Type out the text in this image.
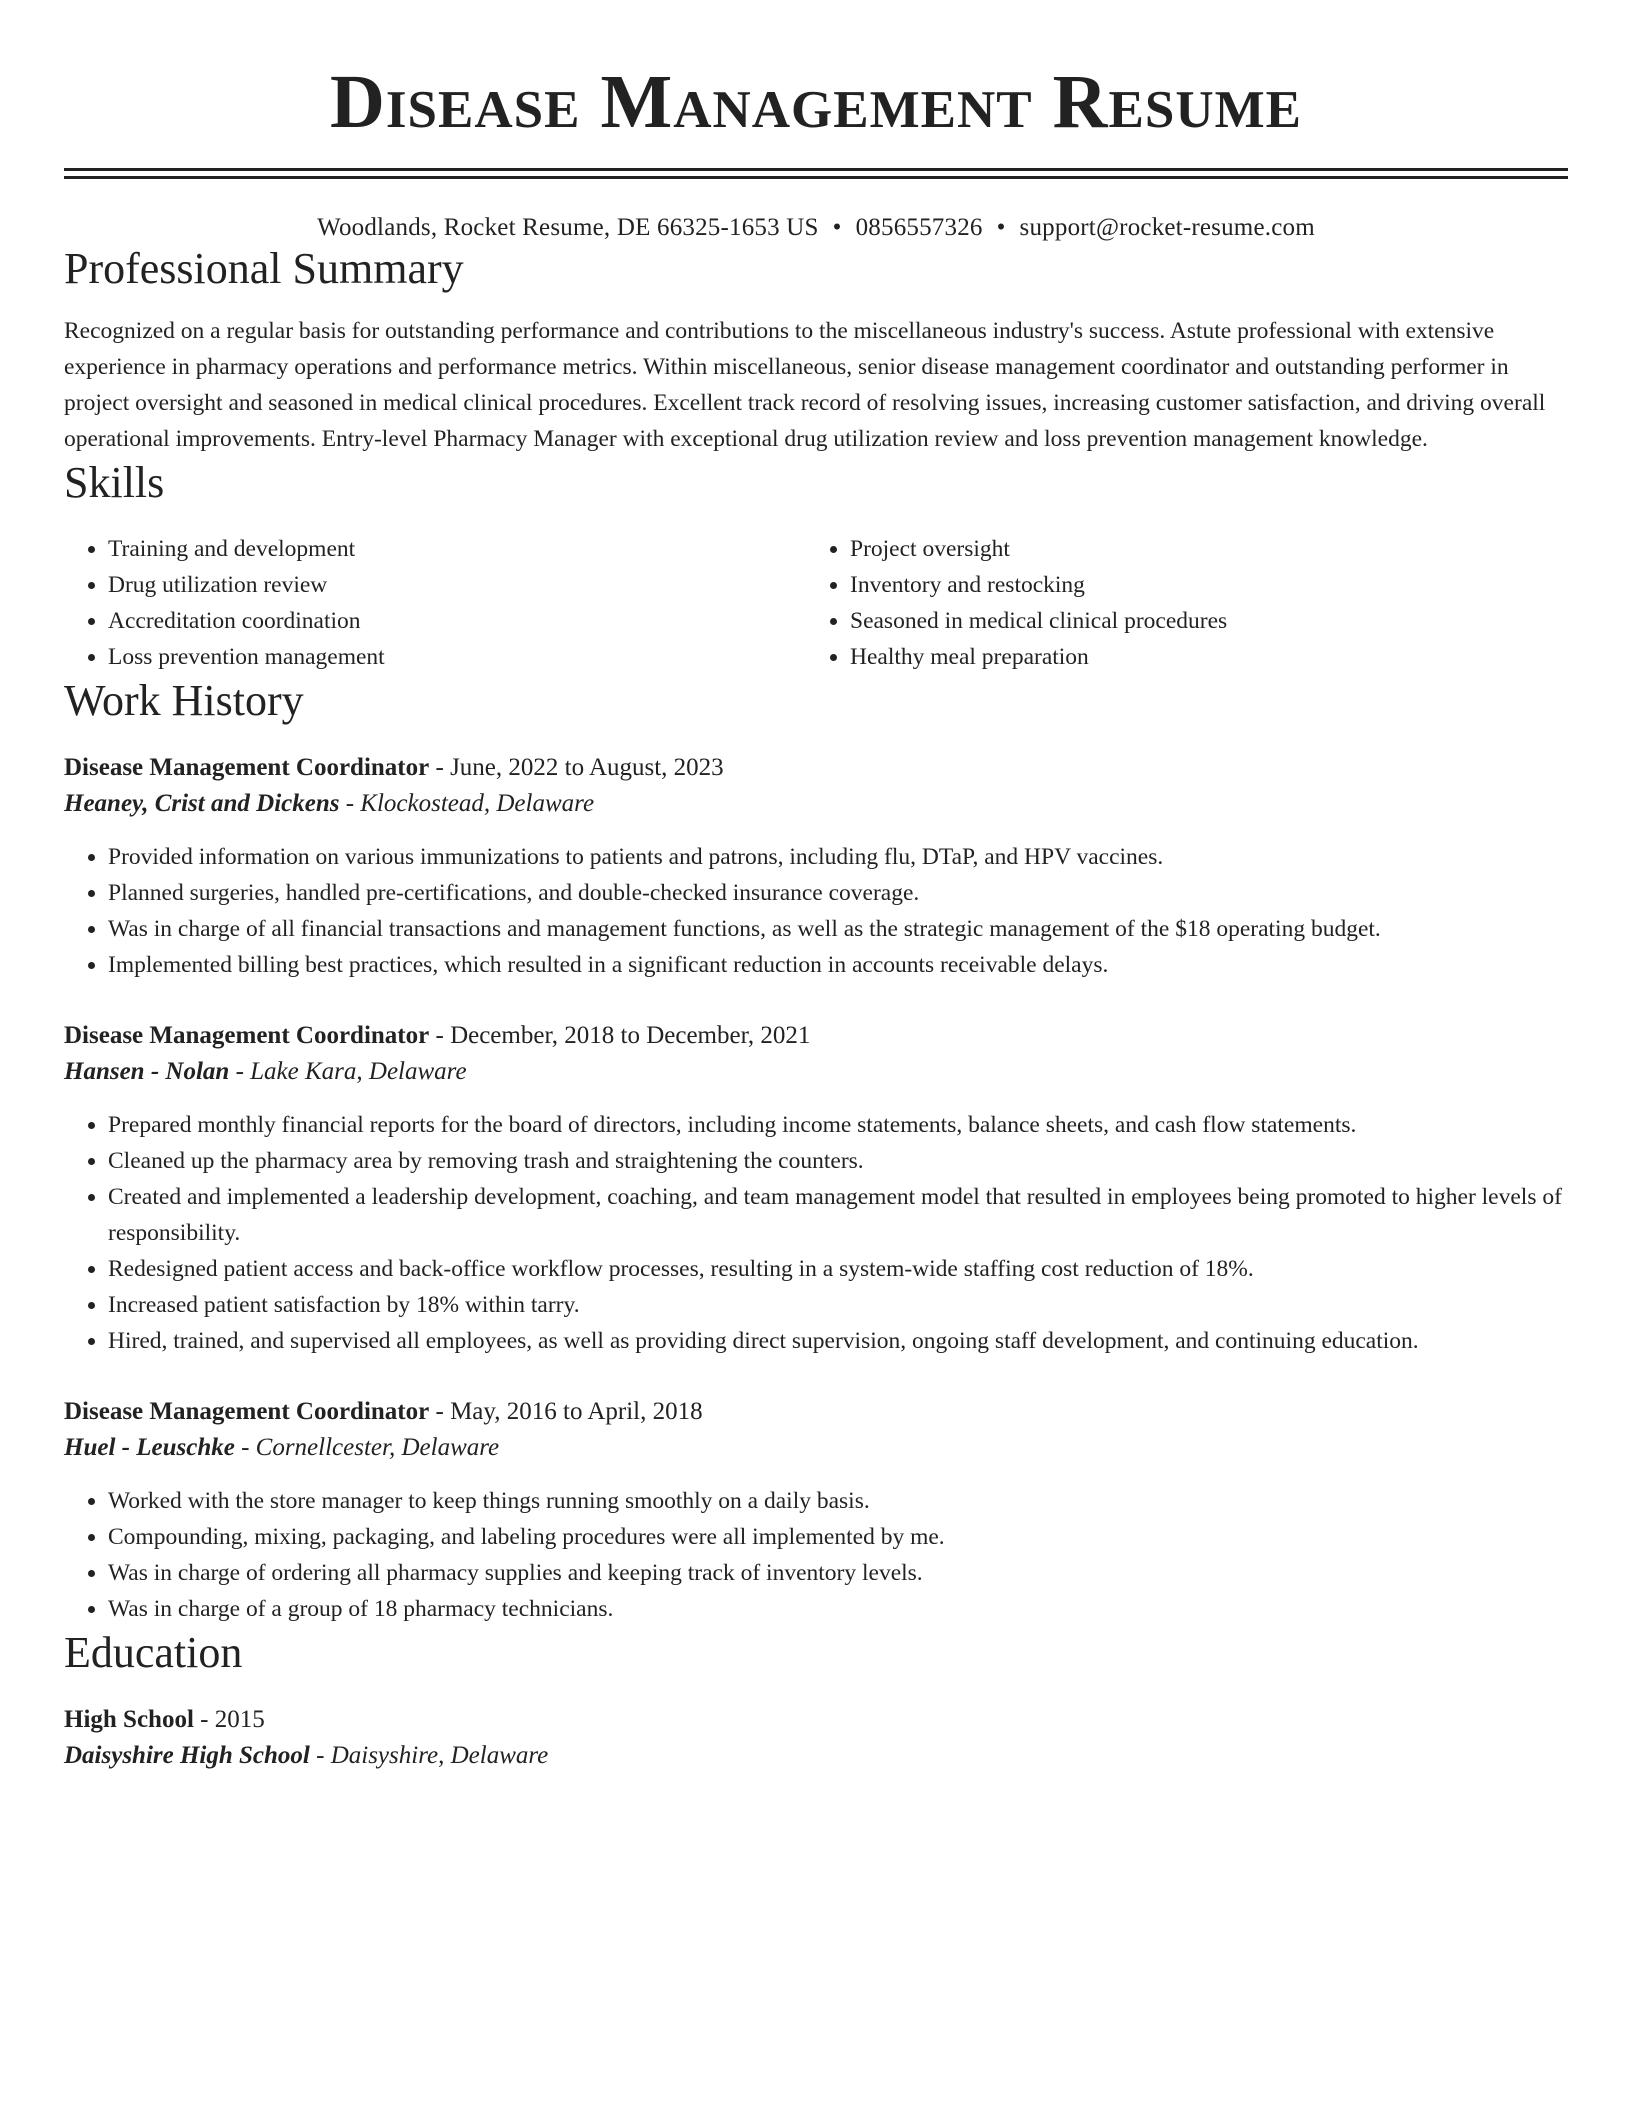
Disease Management Resume
Woodlands, Rocket Resume, DE 66325-1653 US • 0856557326 • support@rocket-resume.com
Professional Summary
Recognized on a regular basis for outstanding performance and contributions to the miscellaneous industry's success. Astute professional with extensive experience in pharmacy operations and performance metrics. Within miscellaneous, senior disease management coordinator and outstanding performer in project oversight and seasoned in medical clinical procedures. Excellent track record of resolving issues, increasing customer satisfaction, and driving overall operational improvements. Entry-level Pharmacy Manager with exceptional drug utilization review and loss prevention management knowledge.
Skills
• Training and development
• Drug utilization review
• Accreditation coordination
• Loss prevention management
• Project oversight
• Inventory and restocking
• Seasoned in medical clinical procedures
• Healthy meal preparation
Work History
Disease Management Coordinator - June, 2022 to August, 2023
Heaney, Crist and Dickens - Klockostead, Delaware
• Provided information on various immunizations to patients and patrons, including flu, DTaP, and HPV vaccines.
• Planned surgeries, handled pre-certifications, and double-checked insurance coverage.
• Was in charge of all financial transactions and management functions, as well as the strategic management of the $18 operating budget.
• Implemented billing best practices, which resulted in a significant reduction in accounts receivable delays.
Disease Management Coordinator - December, 2018 to December, 2021
Hansen - Nolan - Lake Kara, Delaware
• Prepared monthly financial reports for the board of directors, including income statements, balance sheets, and cash flow statements.
• Cleaned up the pharmacy area by removing trash and straightening the counters.
• Created and implemented a leadership development, coaching, and team management model that resulted in employees being promoted to higher levels of responsibility.
• Redesigned patient access and back-office workflow processes, resulting in a system-wide staffing cost reduction of 18%.
• Increased patient satisfaction by 18% within tarry.
• Hired, trained, and supervised all employees, as well as providing direct supervision, ongoing staff development, and continuing education.
Disease Management Coordinator - May, 2016 to April, 2018
Huel - Leuschke - Cornellcester, Delaware
• Worked with the store manager to keep things running smoothly on a daily basis.
• Compounding, mixing, packaging, and labeling procedures were all implemented by me.
• Was in charge of ordering all pharmacy supplies and keeping track of inventory levels.
• Was in charge of a group of 18 pharmacy technicians.
Education
High School - 2015
Daisyshire High School - Daisyshire, Delaware
